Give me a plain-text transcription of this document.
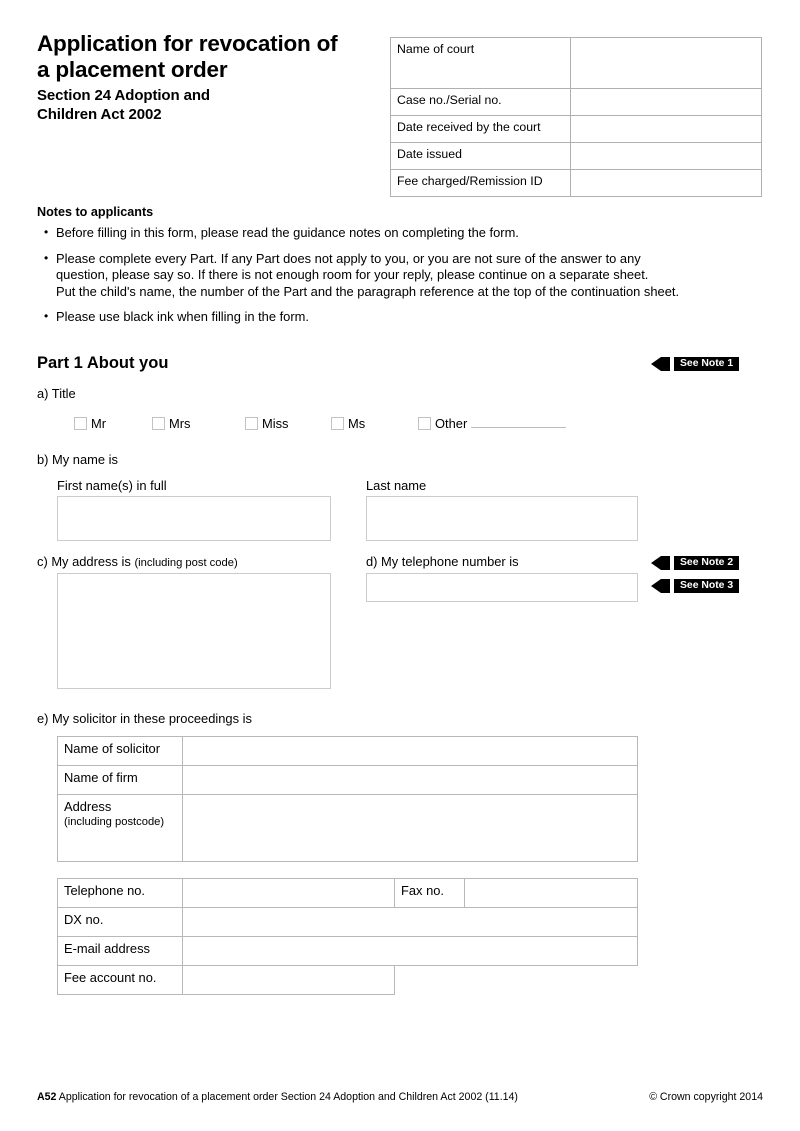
Application for revocation of
a placement order
Section 24 Adoption and
Children Act 2002
Name of court	
Case no./Serial no.	
Date received by the court	
Date issued	
Fee charged/Remission ID	
Notes to applicants
• Before filling in this form, please read the guidance notes on completing the form.
• Please complete every Part. If any Part does not apply to you, or you are not sure of the answer to any
question, please say so. If there is not enough room for your reply, please continue on a separate sheet.
Put the child's name, the number of the Part and the paragraph reference at the top of the continuation sheet.
• Please use black ink when filling in the form.
Part 1 About you	See Note 1
a) Title
Mr	Mrs	Miss	Ms	Other
b) My name is
First name(s) in full	Last name
c) My address is (including post code)	d) My telephone number is	See Note 2
See Note 3
e) My solicitor in these proceedings is
Name of solicitor	
Name of firm	
Address
(including postcode)	

Telephone no.		Fax no.	
DX no.			
E-mail address			
Fee account no.			
A52 Application for revocation of a placement order Section 24 Adoption and Children Act 2002 (11.14)	© Crown copyright 2014
